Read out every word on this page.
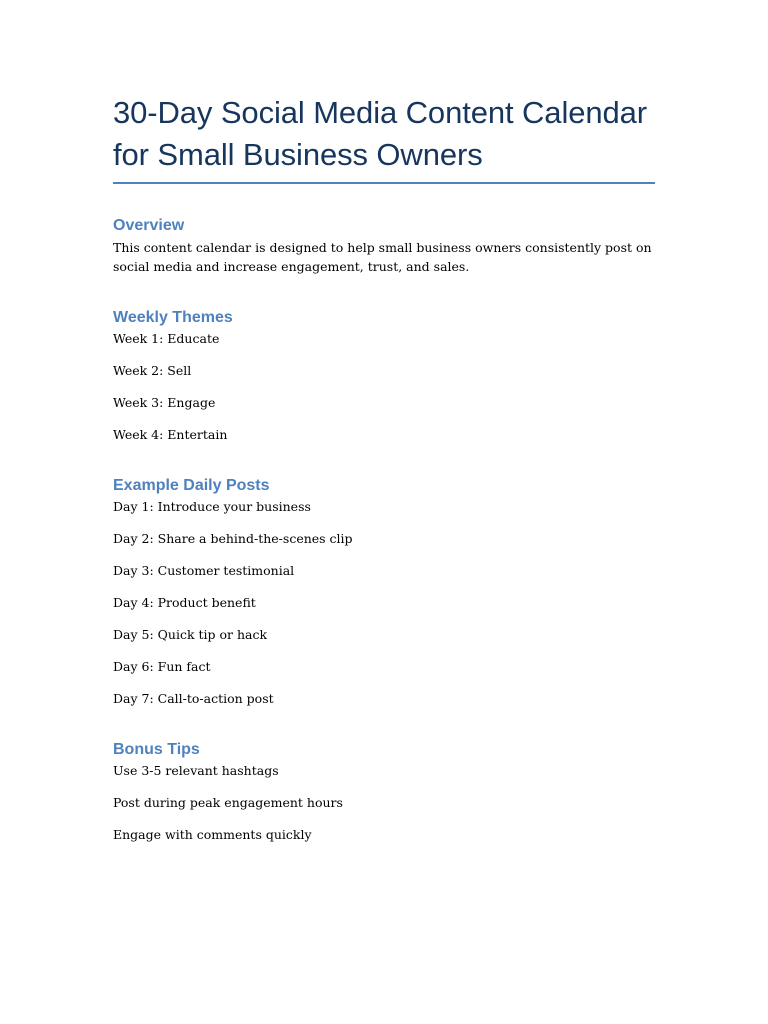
30-Day Social Media Content Calendar
for Small Business Owners
Overview

This content calendar is designed to help small business owners consistently post on social media and increase engagement, trust, and sales.

Weekly Themes
Week 1: Educate
Week 2: Sell
Week 3: Engage
Week 4: Entertain
Example Daily Posts
Day 1: Introduce your business
Day 2: Share a behind-the-scenes clip
Day 3: Customer testimonial
Day 4: Product benefit
Day 5: Quick tip or hack
Day 6: Fun fact
Day 7: Call-to-action post
Bonus Tips
Use 3-5 relevant hashtags
Post during peak engagement hours
Engage with comments quickly
